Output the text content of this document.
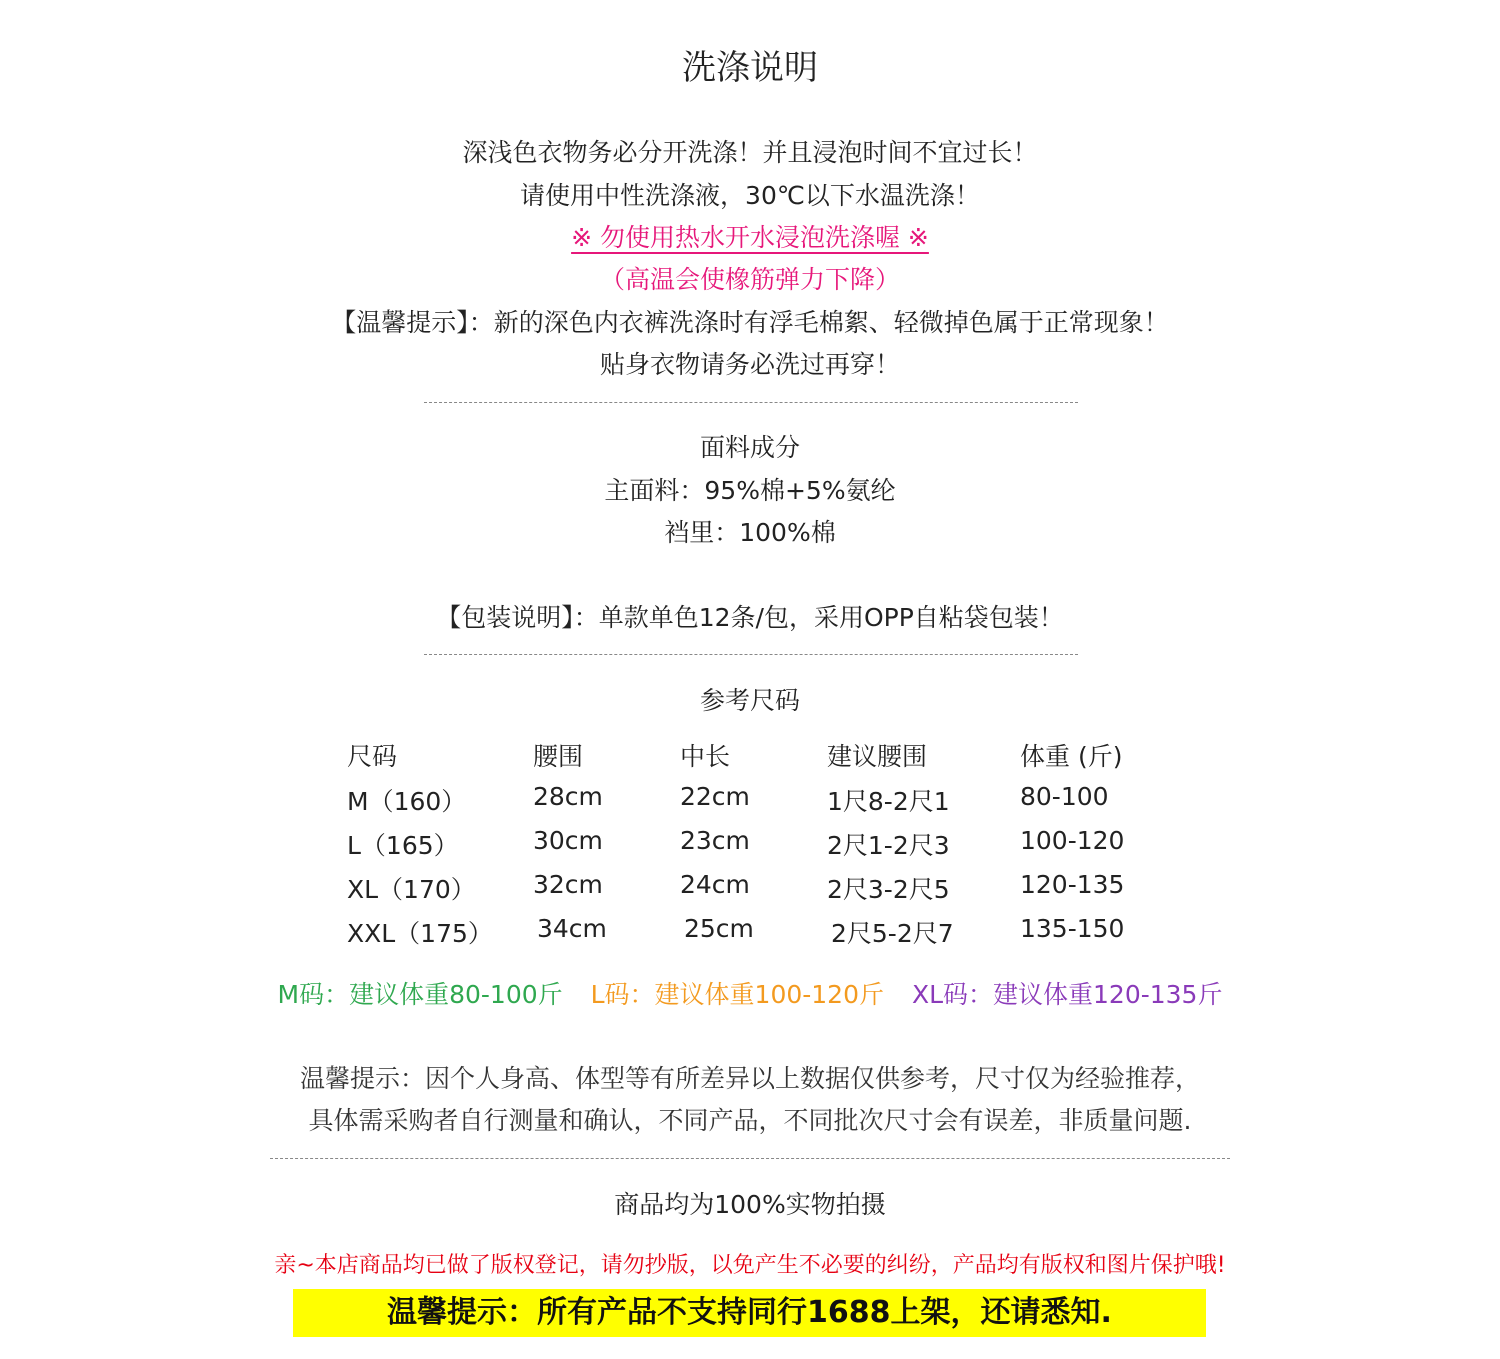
洗涤说明
深浅色衣物务必分开洗涤！并且浸泡时间不宜过长！
请使用中性洗涤液，30℃以下水温洗涤！
※ 勿使用热水开水浸泡洗涤喔 ※
（高温会使橡筋弹力下降）
【温馨提示】：新的深色内衣裤洗涤时有浮毛棉絮、轻微掉色属于正常现象！
贴身衣物请务必洗过再穿！
面料成分
主面料：95%棉+5%氨纶
裆里：100%棉
【包装说明】：单款单色12条/包，采用OPP自粘袋包装！
参考尺码
尺码	腰围	中长	建议腰围	体重 (斤)
M（160）	28cm	22cm	1尺8-2尺1	80-100
L（165）	30cm	23cm	2尺1-2尺3	100-120
XL（170） 32cm	24cm	2尺3-2尺5	120-135
XXL（175） 34cm	25cm	2尺5-2尺7	135-150
M码：建议体重80-100斤 L码：建议体重100-120斤 XL码：建议体重120-135斤
温馨提示：因个人身高、体型等有所差异以上数据仅供参考，尺寸仅为经验推荐，
具体需采购者自行测量和确认，不同产品，不同批次尺寸会有误差，非质量问题.
商品均为100%实物拍摄
亲~本店商品均已做了版权登记，请勿抄版，以免产生不必要的纠纷，产品均有版权和图片保护哦!
温馨提示：所有产品不支持同行1688上架，还请悉知.
